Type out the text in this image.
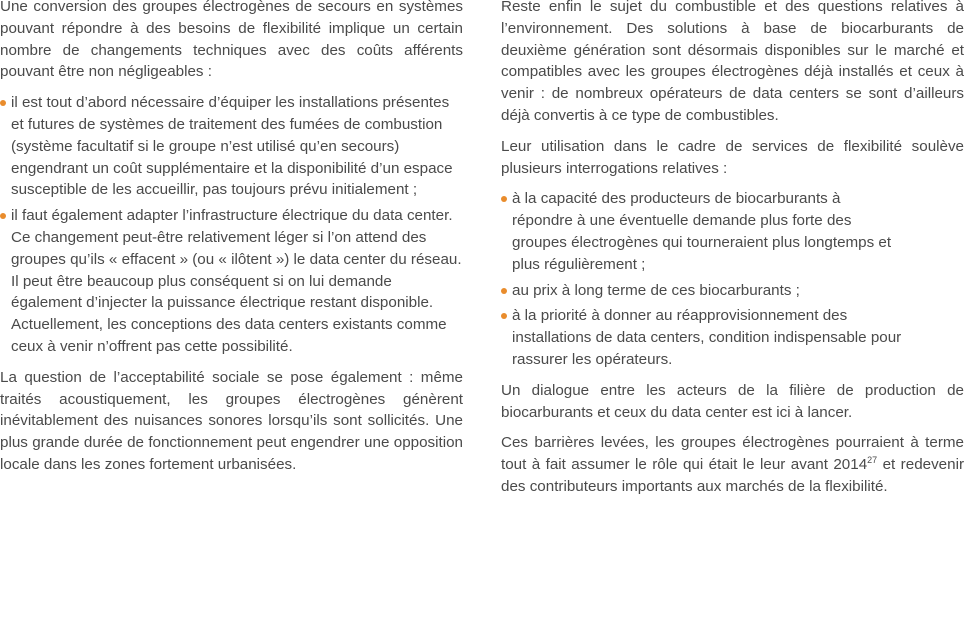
Une conversion des groupes électrogènes de secours en systèmes pouvant répondre à des besoins de flexibilité implique un certain nombre de changements techniques avec des coûts afférents pouvant être non négligeables :

il est tout d’abord nécessaire d’équiper les installations présentes et futures de systèmes de traitement des fumées de combustion (système facultatif si le groupe n’est utilisé qu’en secours) engendrant un coût supplémentaire et la disponibilité d’un espace susceptible de les accueillir, pas toujours prévu initialement ;
il faut également adapter l’infrastructure électrique du data center. Ce changement peut-être relativement léger si l’on attend des groupes qu’ils « effacent » (ou « ilôtent ») le data center du réseau.
Il peut être beaucoup plus conséquent si on lui demande également d’injecter la puissance électrique restant disponible. Actuellement, les conceptions des data centers existants comme ceux à venir n’offrent pas cette possibilité.

La question de l’acceptabilité sociale se pose également : même traités acoustiquement, les groupes électrogènes génèrent inévitablement des nuisances sonores lorsqu’ils sont sollicités. Une plus grande durée de fonctionnement peut engendrer une opposition locale dans les zones fortement urbanisées.

Reste enfin le sujet du combustible et des questions relatives à l’environnement. Des solutions à base de biocarburants de deuxième génération sont désormais disponibles sur le marché et compatibles avec les groupes électrogènes déjà installés et ceux à venir : de nombreux opérateurs de data centers se sont d’ailleurs déjà convertis à ce type de combustibles.

Leur utilisation dans le cadre de services de flexibilité soulève plusieurs interrogations relatives :

à la capacité des producteurs de biocarburants à répondre à une éventuelle demande plus forte des groupes électrogènes qui tourneraient plus longtemps et plus régulièrement ;
au prix à long terme de ces biocarburants ;
à la priorité à donner au réapprovisionnement des installations de data centers, condition indispensable pour rassurer les opérateurs.

Un dialogue entre les acteurs de la filière de production de biocarburants et ceux du data center est ici à lancer.

Ces barrières levées, les groupes électrogènes pourraient à terme tout à fait assumer le rôle qui était le leur avant 2014$^{27}$ et redevenir des contributeurs importants aux marchés de la flexibilité.
